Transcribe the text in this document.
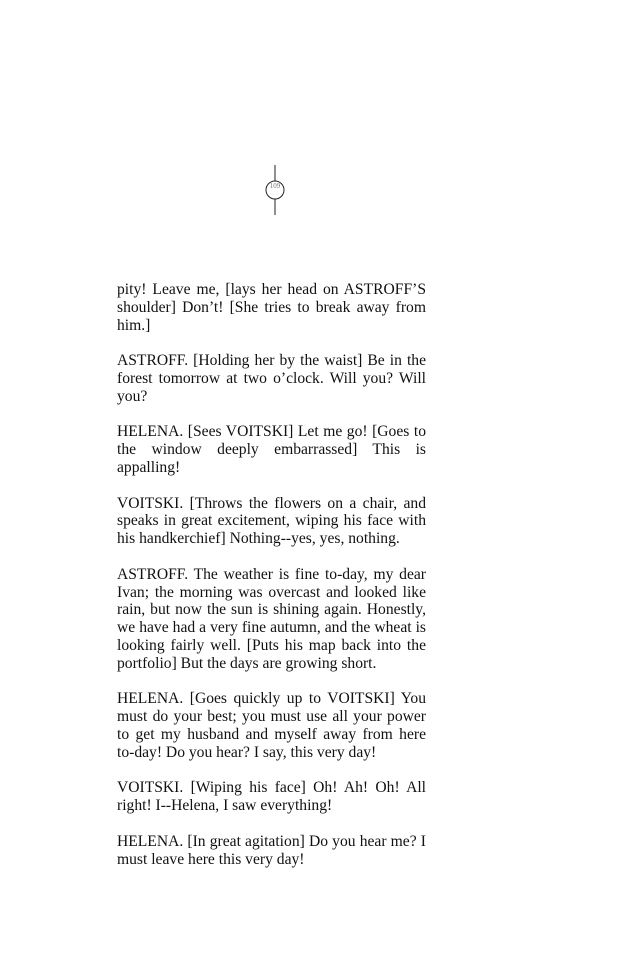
109

pity! Leave me, [lays her head on ASTROFF’S shoulder] Don’t! [She tries to break away from him.]

ASTROFF. [Holding her by the waist] Be in the forest tomorrow at two o’clock. Will you? Will you?

HELENA. [Sees VOITSKI] Let me go! [Goes to the window deeply embarrassed] This is appalling!

VOITSKI. [Throws the flowers on a chair, and speaks in great excitement, wiping his face with his handkerchief] Nothing--yes, yes, nothing.

ASTROFF. The weather is fine to-day, my dear Ivan; the morning was overcast and looked like rain, but now the sun is shining again. Honestly, we have had a very fine autumn, and the wheat is looking fairly well. [Puts his map back into the portfolio] But the days are growing short.

HELENA. [Goes quickly up to VOITSKI] You must do your best; you must use all your power to get my husband and myself away from here to-day! Do you hear? I say, this very day!

VOITSKI. [Wiping his face] Oh! Ah! Oh! All right! I--Helena, I saw everything!

HELENA. [In great agitation] Do you hear me? I must leave here this very day!
